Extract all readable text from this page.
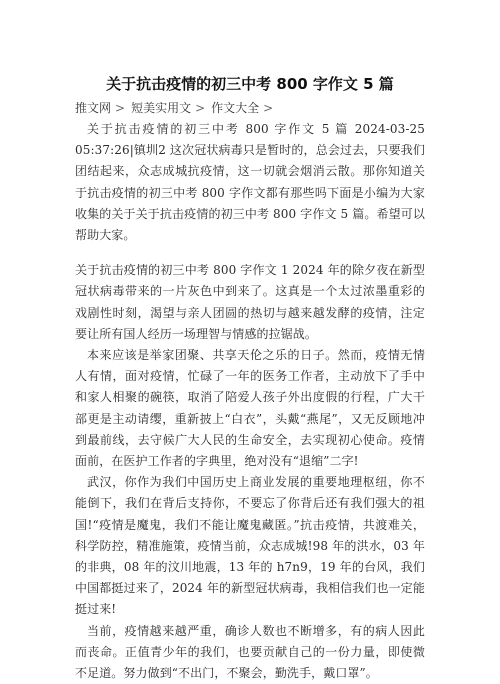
关于抗击疫情的初三中考 800 字作文 5 篇
推文网 > 短美实用文 > 作文大全 >

关于抗击疫情的初三中考 800 字作文 5 篇 2024-03-25 05:37:26|镇圳2 这次冠状病毒只是暂时的，总会过去，只要我们团结起来，众志成城抗疫情，这一切就会烟消云散。那你知道关于抗击疫情的初三中考 800 字作文都有那些吗下面是小编为大家收集的关于关于抗击疫情的初三中考 800 字作文 5 篇。希望可以帮助大家。

关于抗击疫情的初三中考 800 字作文 1 2024 年的除夕夜在新型冠状病毒带来的一片灰色中到来了。这真是一个太过浓墨重彩的戏剧性时刻，渴望与亲人团圆的热切与越来越发酵的疫情，注定要让所有国人经历一场理智与情感的拉锯战。

本来应该是举家团聚、共享天伦之乐的日子。然而，疫情无情人有情，面对疫情，忙碌了一年的医务工作者，主动放下了手中和家人相聚的碗筷，取消了陪爱人孩子外出度假的行程，广大干部更是主动请缨，重新披上“白衣”，头戴“燕尾”，又无反顾地冲到最前线，去守候广大人民的生命安全，去实现初心使命。疫情面前，在医护工作者的字典里，绝对没有“退缩”二字!

武汉，你作为我们中国历史上商业发展的重要地理枢纽，你不能倒下，我们在背后支持你，不要忘了你背后还有我们强大的祖国!“疫情是魔鬼，我们不能让魔鬼藏匿。”抗击疫情，共渡难关，科学防控，精准施策，疫情当前，众志成城!98 年的洪水，03 年的非典，08 年的汶川地震，13 年的 h7n9，19 年的台风，我们中国都挺过来了，2024 年的新型冠状病毒，我相信我们也一定能挺过来!

当前，疫情越来越严重，确诊人数也不断增多，有的病人因此而丧命。正值青少年的我们，也要贡献自己的一份力量，即使微不足道。努力做到“不出门，不聚会，勤洗手，戴口罩”。
